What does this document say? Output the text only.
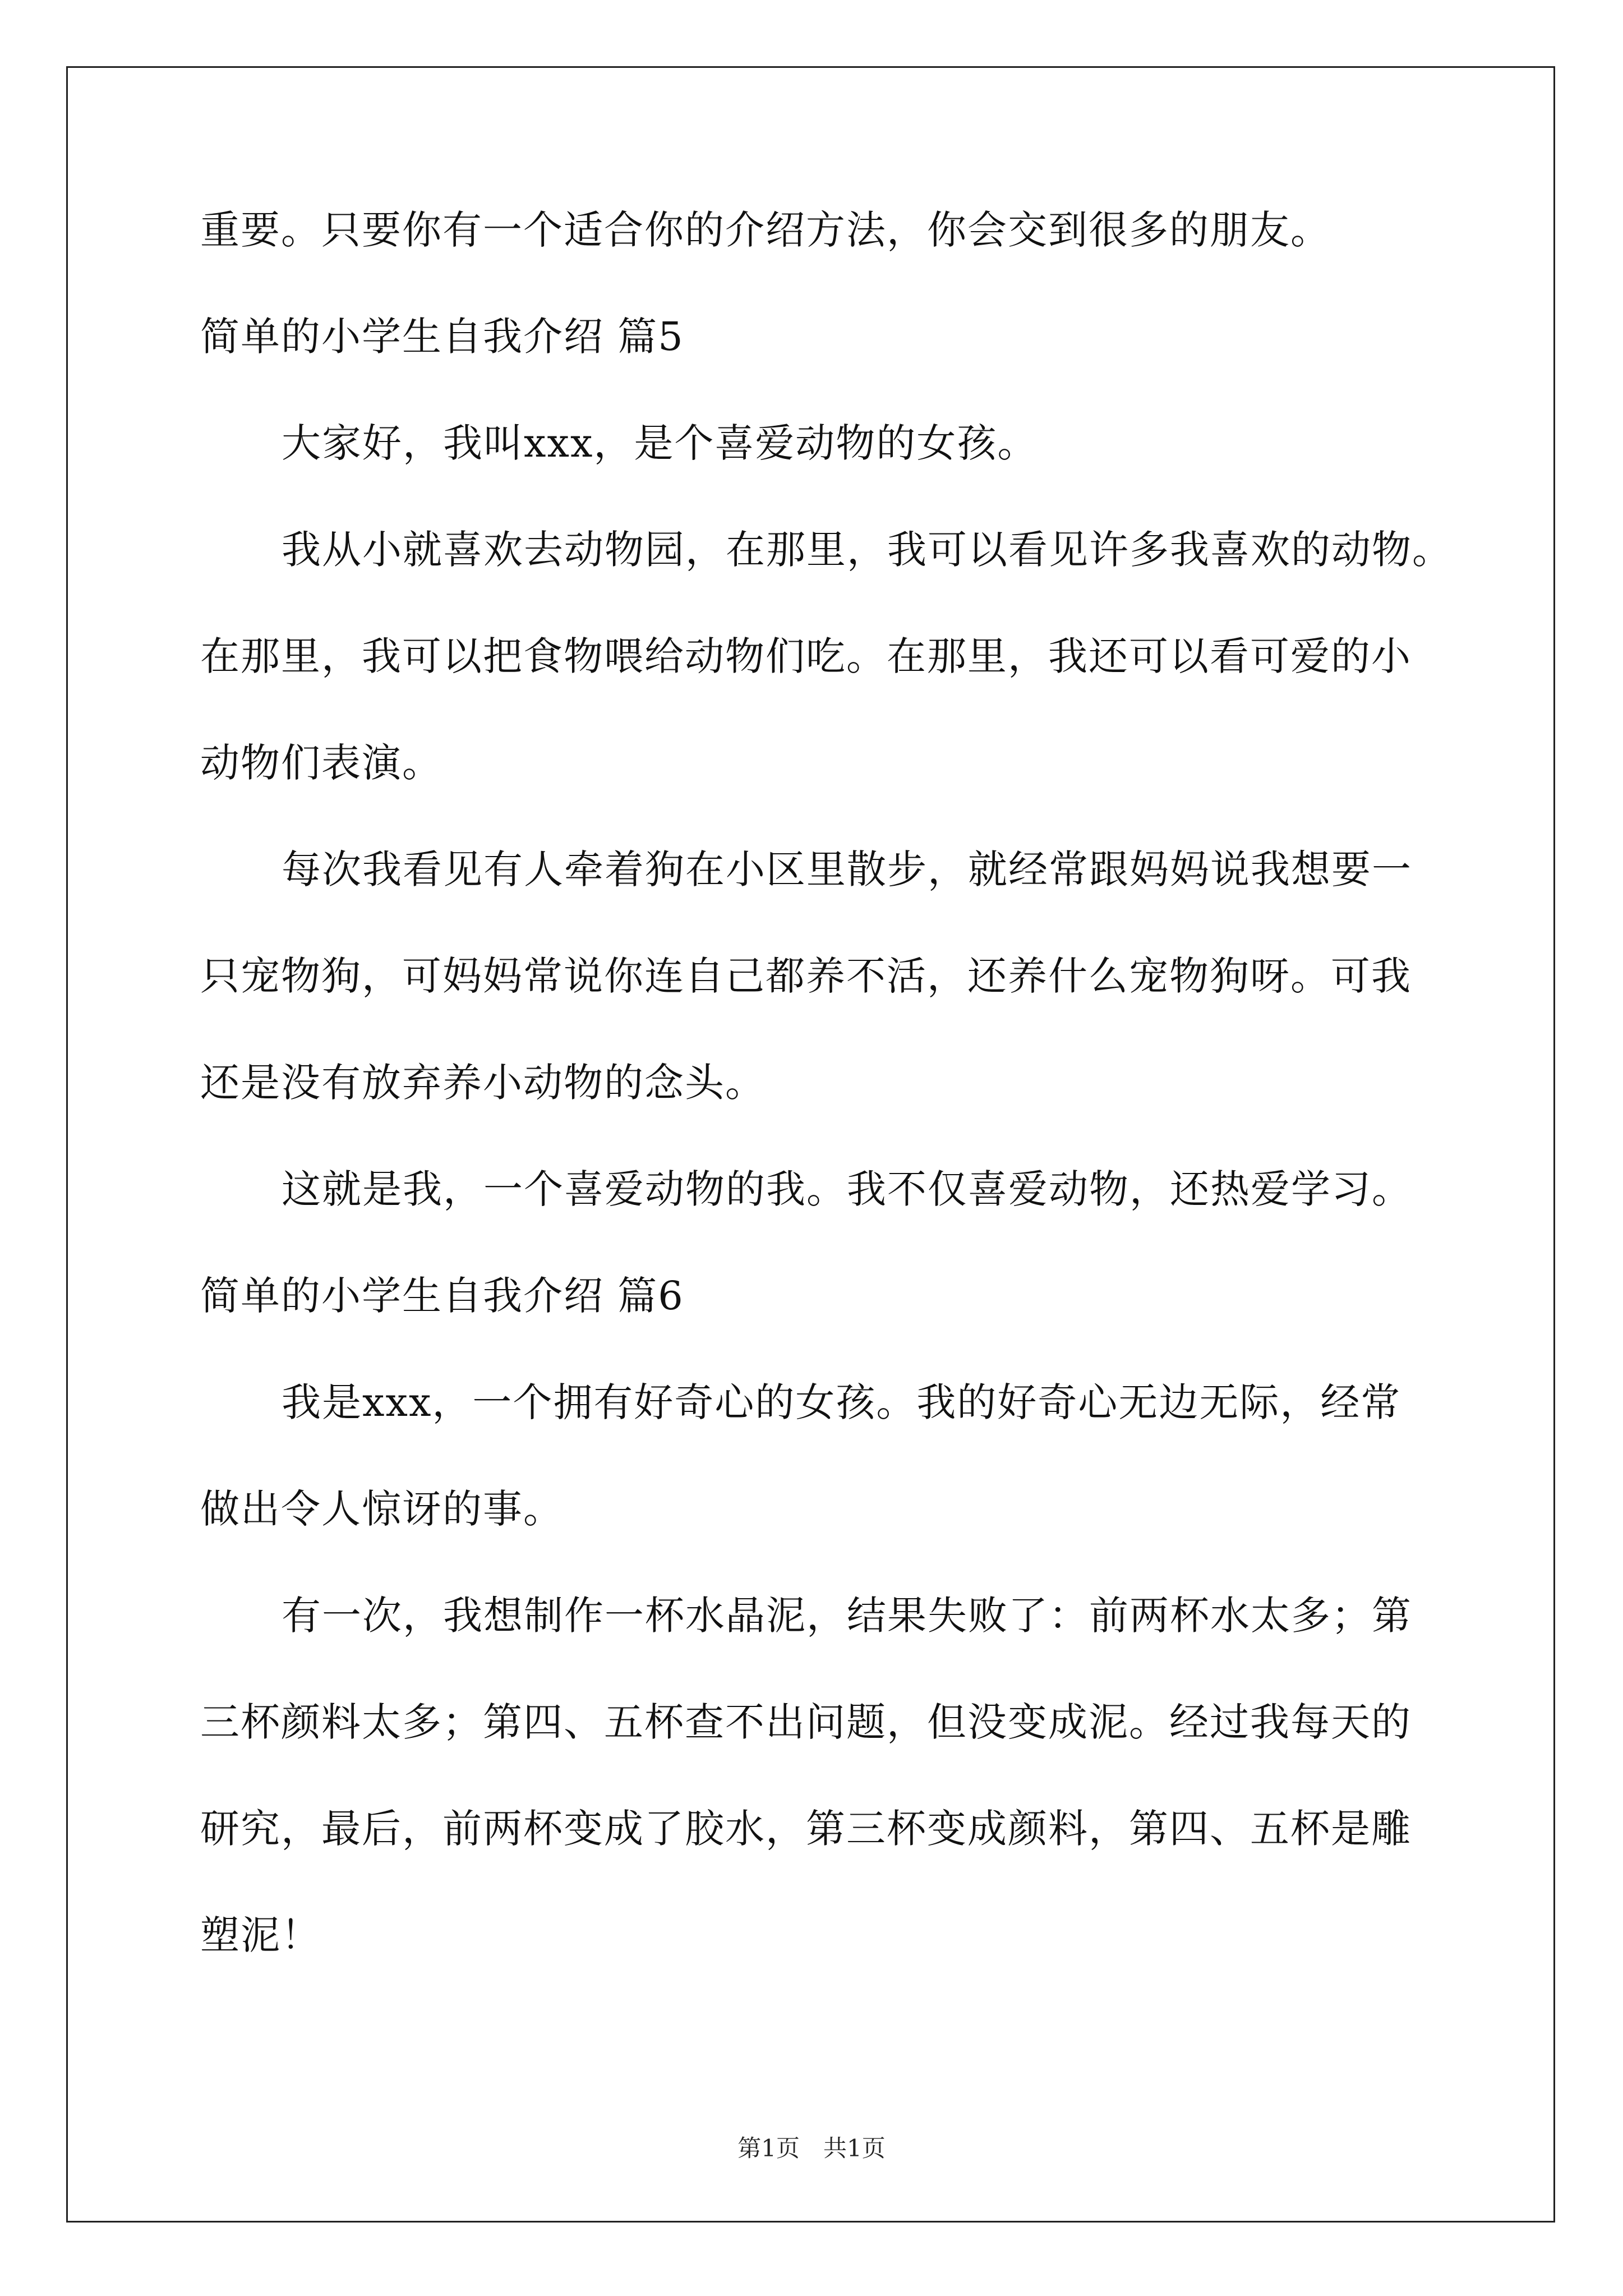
重要。只要你有一个适合你的介绍方法，你会交到很多的朋友。
简单的小学生自我介绍 篇5
大家好，我叫xxx，是个喜爱动物的女孩。
我从小就喜欢去动物园，在那里，我可以看见许多我喜欢的动物。
在那里，我可以把食物喂给动物们吃。在那里，我还可以看可爱的小
动物们表演。
每次我看见有人牵着狗在小区里散步，就经常跟妈妈说我想要一
只宠物狗，可妈妈常说你连自己都养不活，还养什么宠物狗呀。可我
还是没有放弃养小动物的念头。
这就是我，一个喜爱动物的我。我不仅喜爱动物，还热爱学习。
简单的小学生自我介绍 篇6
我是xxx，一个拥有好奇心的女孩。我的好奇心无边无际，经常
做出令人惊讶的事。
有一次，我想制作一杯水晶泥，结果失败了：前两杯水太多；第
三杯颜料太多；第四、五杯查不出问题，但没变成泥。经过我每天的
研究，最后，前两杯变成了胶水，第三杯变成颜料，第四、五杯是雕
塑泥！
第1页　共1页
